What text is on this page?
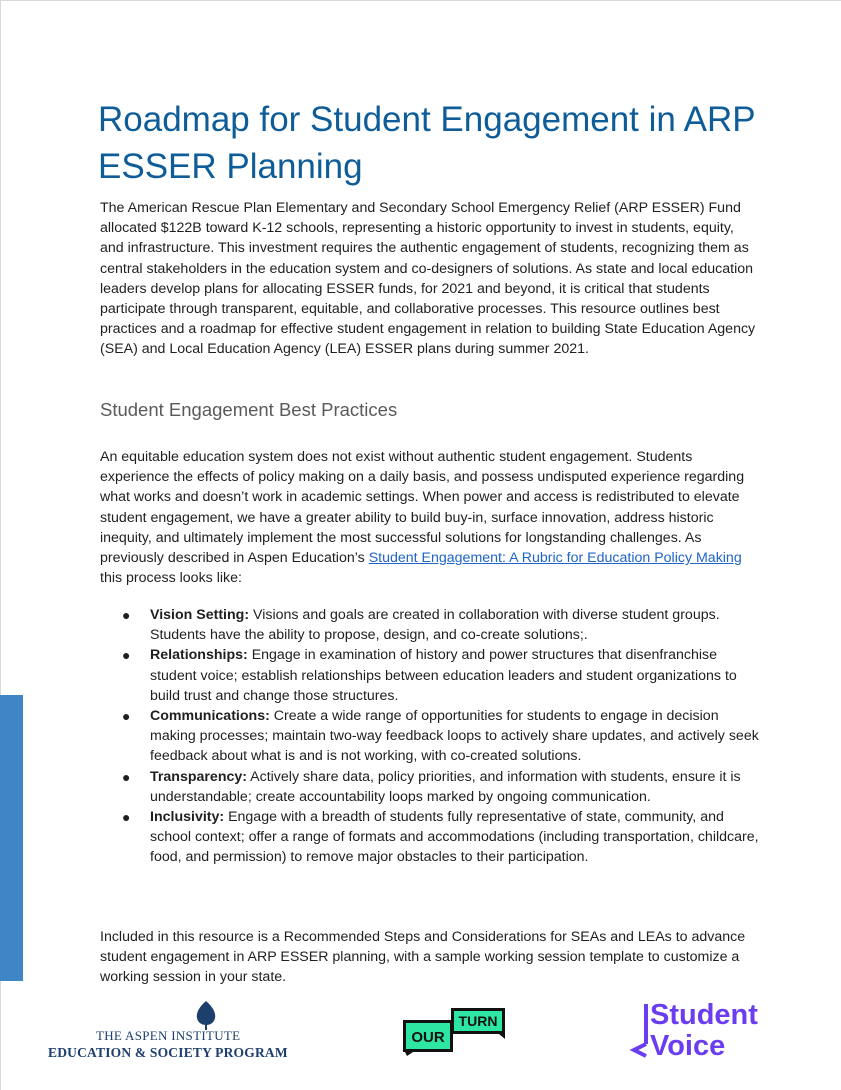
Roadmap for Student Engagement in ARP ESSER Planning

The American Rescue Plan Elementary and Secondary School Emergency Relief (ARP ESSER) Fund allocated $122B toward K-12 schools, representing a historic opportunity to invest in students, equity, and infrastructure. This investment requires the authentic engagement of students, recognizing them as central stakeholders in the education system and co-designers of solutions. As state and local education leaders develop plans for allocating ESSER funds, for 2021 and beyond, it is critical that students participate through transparent, equitable, and collaborative processes. This resource outlines best practices and a roadmap for effective student engagement in relation to building State Education Agency (SEA) and Local Education Agency (LEA) ESSER plans during summer 2021.

Student Engagement Best Practices

An equitable education system does not exist without authentic student engagement. Students experience the effects of policy making on a daily basis, and possess undisputed experience regarding what works and doesn’t work in academic settings. When power and access is redistributed to elevate student engagement, we have a greater ability to build buy-in, surface innovation, address historic inequity, and ultimately implement the most successful solutions for longstanding challenges. As previously described in Aspen Education’s Student Engagement: A Rubric for Education Policy Making this process looks like:

● Vision Setting: Visions and goals are created in collaboration with diverse student groups. Students have the ability to propose, design, and co-create solutions;.
● Relationships: Engage in examination of history and power structures that disenfranchise student voice; establish relationships between education leaders and student organizations to build trust and change those structures.
● Communications: Create a wide range of opportunities for students to engage in decision making processes; maintain two-way feedback loops to actively share updates, and actively seek feedback about what is and is not working, with co-created solutions.
● Transparency: Actively share data, policy priorities, and information with students, ensure it is understandable; create accountability loops marked by ongoing communication.
● Inclusivity: Engage with a breadth of students fully representative of state, community, and school context; offer a range of formats and accommodations (including transportation, childcare, food, and permission) to remove major obstacles to their participation.

Included in this resource is a Recommended Steps and Considerations for SEAs and LEAs to advance student engagement in ARP ESSER planning, with a sample working session template to customize a working session in your state.

THE ASPEN INSTITUTE
EDUCATION & SOCIETY PROGRAM
TURN
OUR
Student
Voice
